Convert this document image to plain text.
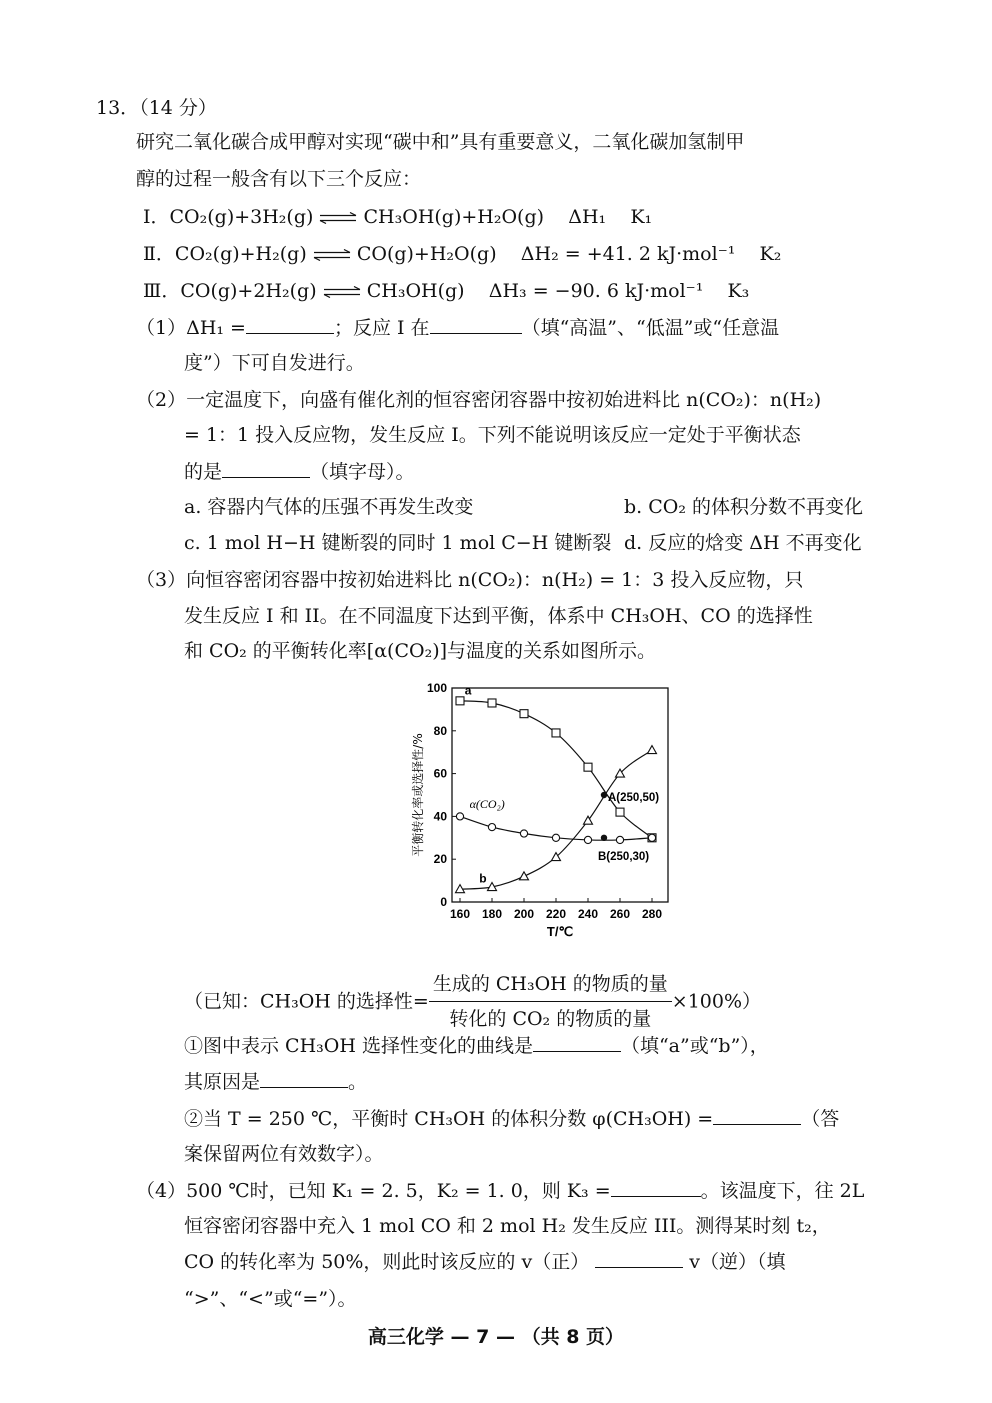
13．（14 分）
研究二氧化碳合成甲醇对实现“碳中和”具有重要意义，二氧化碳加氢制甲
醇的过程一般含有以下三个反应：
Ⅰ．CO₂(g)+3H₂(g) ⇌ CH₃OH(g)+H₂O(g) ΔH₁ K₁
Ⅱ．CO₂(g)+H₂(g) ⇌ CO(g)+H₂O(g) ΔH₂ = +41. 2 kJ·mol⁻¹ K₂
Ⅲ．CO(g)+2H₂(g) ⇌ CH₃OH(g) ΔH₃ = −90. 6 kJ·mol⁻¹ K₃
（1）ΔH₁ =	；反应 Ⅰ 在	（填“高温”、“低温”或“任意温
度”）下可自发进行。
（2）一定温度下，向盛有催化剂的恒容密闭容器中按初始进料比 n(CO₂)：n(H₂)
= 1：1 投入反应物，发生反应 I。下列不能说明该反应一定处于平衡状态
的是	（填字母）。
a. 容器内气体的压强不再发生改变	b. CO₂ 的体积分数不再变化
c. 1 mol H−H 键断裂的同时 1 mol C−H 键断裂 d. 反应的焓变 ΔH 不再变化
（3）向恒容密闭容器中按初始进料比 n(CO₂)：n(H₂) = 1：3 投入反应物，只
发生反应 I 和 II。在不同温度下达到平衡，体系中 CH₃OH、CO 的选择性
和 CO₂ 的平衡转化率[α(CO₂)]与温度的关系如图所示。
0
20
40
60
80
100
160 180 200 220 240 260 280
T/℃
平衡转化率或选择性/%
a
α(CO₂)
b
A(250,50)
B(250,30)
（已知：CH₃OH 的选择性= $\frac{\text{生成的 CH₃OH 的物质的量}}{\text{转化的 CO₂ 的物质的量}} \times 100\%$）
①图中表示 CH₃OH 选择性变化的曲线是	（填“a”或“b”），
其原因是	。
②当 T = 250 ℃，平衡时 CH₃OH 的体积分数 φ(CH₃OH) =	（答
案保留两位有效数字）。
（4）500 ℃时，已知 K₁ = 2. 5，K₂ = 1. 0，则 K₃ =	。该温度下，往 2L
恒容密闭容器中充入 1 mol CO 和 2 mol H₂ 发生反应 III。测得某时刻 t₂，
CO 的转化率为 50%，则此时该反应的 v（正）	v（逆）（填
“>”、“<”或“=”）。
高三化学 — 7 — （共 8 页）
